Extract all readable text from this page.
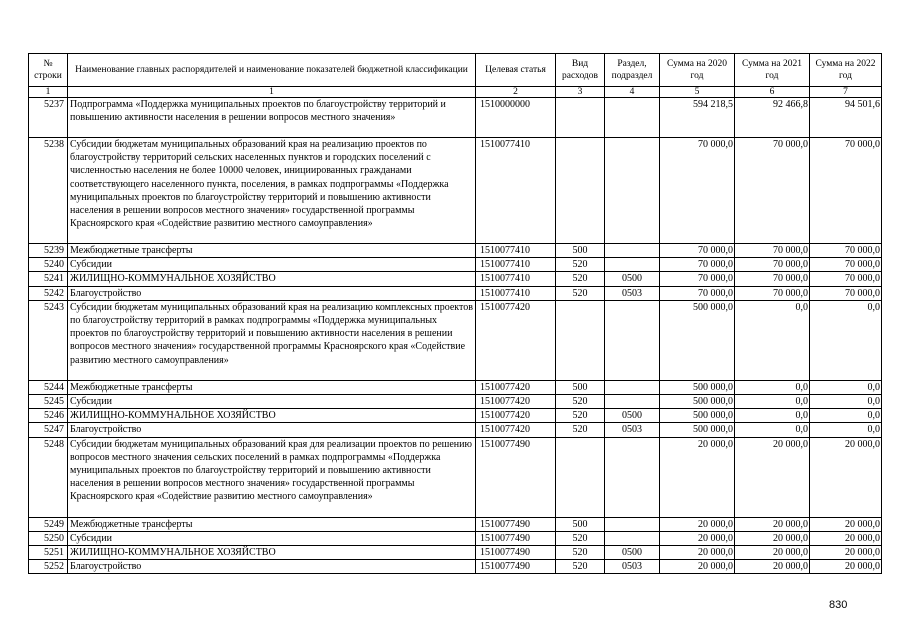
№ строки	Наименование главных распорядителей и наименование показателей бюджетной классификации	Целевая статья	Вид расходов	Раздел, подраздел	Сумма на 2020 год	Сумма на 2021 год	Сумма на 2022 год
1	1	2	3	4	5	6	7
5237	Подпрограмма «Поддержка муниципальных проектов по благоустройству территорий и повышению активности населения в решении вопросов местного значения»	1510000000			594 218,5	92 466,8	94 501,6
5238	Субсидии бюджетам муниципальных образований края на реализацию проектов по благоустройству территорий сельских населенных пунктов и городских поселений с численностью населения не более 10000 человек, инициированных гражданами соответствующего населенного пункта, поселения, в рамках подпрограммы «Поддержка муниципальных проектов по благоустройству территорий и повышению активности населения в решении вопросов местного значения» государственной программы Красноярского края «Содействие развитию местного самоуправления»	1510077410			70 000,0	70 000,0	70 000,0
5239	Межбюджетные трансферты	1510077410	500		70 000,0	70 000,0	70 000,0
5240	Субсидии	1510077410	520		70 000,0	70 000,0	70 000,0
5241	ЖИЛИЩНО-КОММУНАЛЬНОЕ ХОЗЯЙСТВО	1510077410	520	0500	70 000,0	70 000,0	70 000,0
5242	Благоустройство	1510077410	520	0503	70 000,0	70 000,0	70 000,0
5243	Субсидии бюджетам муниципальных образований края на реализацию комплексных проектов по благоустройству территорий в рамках подпрограммы «Поддержка муниципальных проектов по благоустройству территорий и повышению активности населения в решении вопросов местного значения» государственной программы Красноярского края «Содействие развитию местного самоуправления»	1510077420			500 000,0	0,0	0,0
5244	Межбюджетные трансферты	1510077420	500		500 000,0	0,0	0,0
5245	Субсидии	1510077420	520		500 000,0	0,0	0,0
5246	ЖИЛИЩНО-КОММУНАЛЬНОЕ ХОЗЯЙСТВО	1510077420	520	0500	500 000,0	0,0	0,0
5247	Благоустройство	1510077420	520	0503	500 000,0	0,0	0,0
5248	Субсидии бюджетам муниципальных образований края для реализации проектов по решению вопросов местного значения сельских поселений в рамках подпрограммы «Поддержка муниципальных проектов по благоустройству территорий и повышению активности населения в решении вопросов местного значения» государственной программы Красноярского края «Содействие развитию местного самоуправления»	1510077490			20 000,0	20 000,0	20 000,0
5249	Межбюджетные трансферты	1510077490	500		20 000,0	20 000,0	20 000,0
5250	Субсидии	1510077490	520		20 000,0	20 000,0	20 000,0
5251	ЖИЛИЩНО-КОММУНАЛЬНОЕ ХОЗЯЙСТВО	1510077490	520	0500	20 000,0	20 000,0	20 000,0
5252	Благоустройство	1510077490	520	0503	20 000,0	20 000,0	20 000,0
830
